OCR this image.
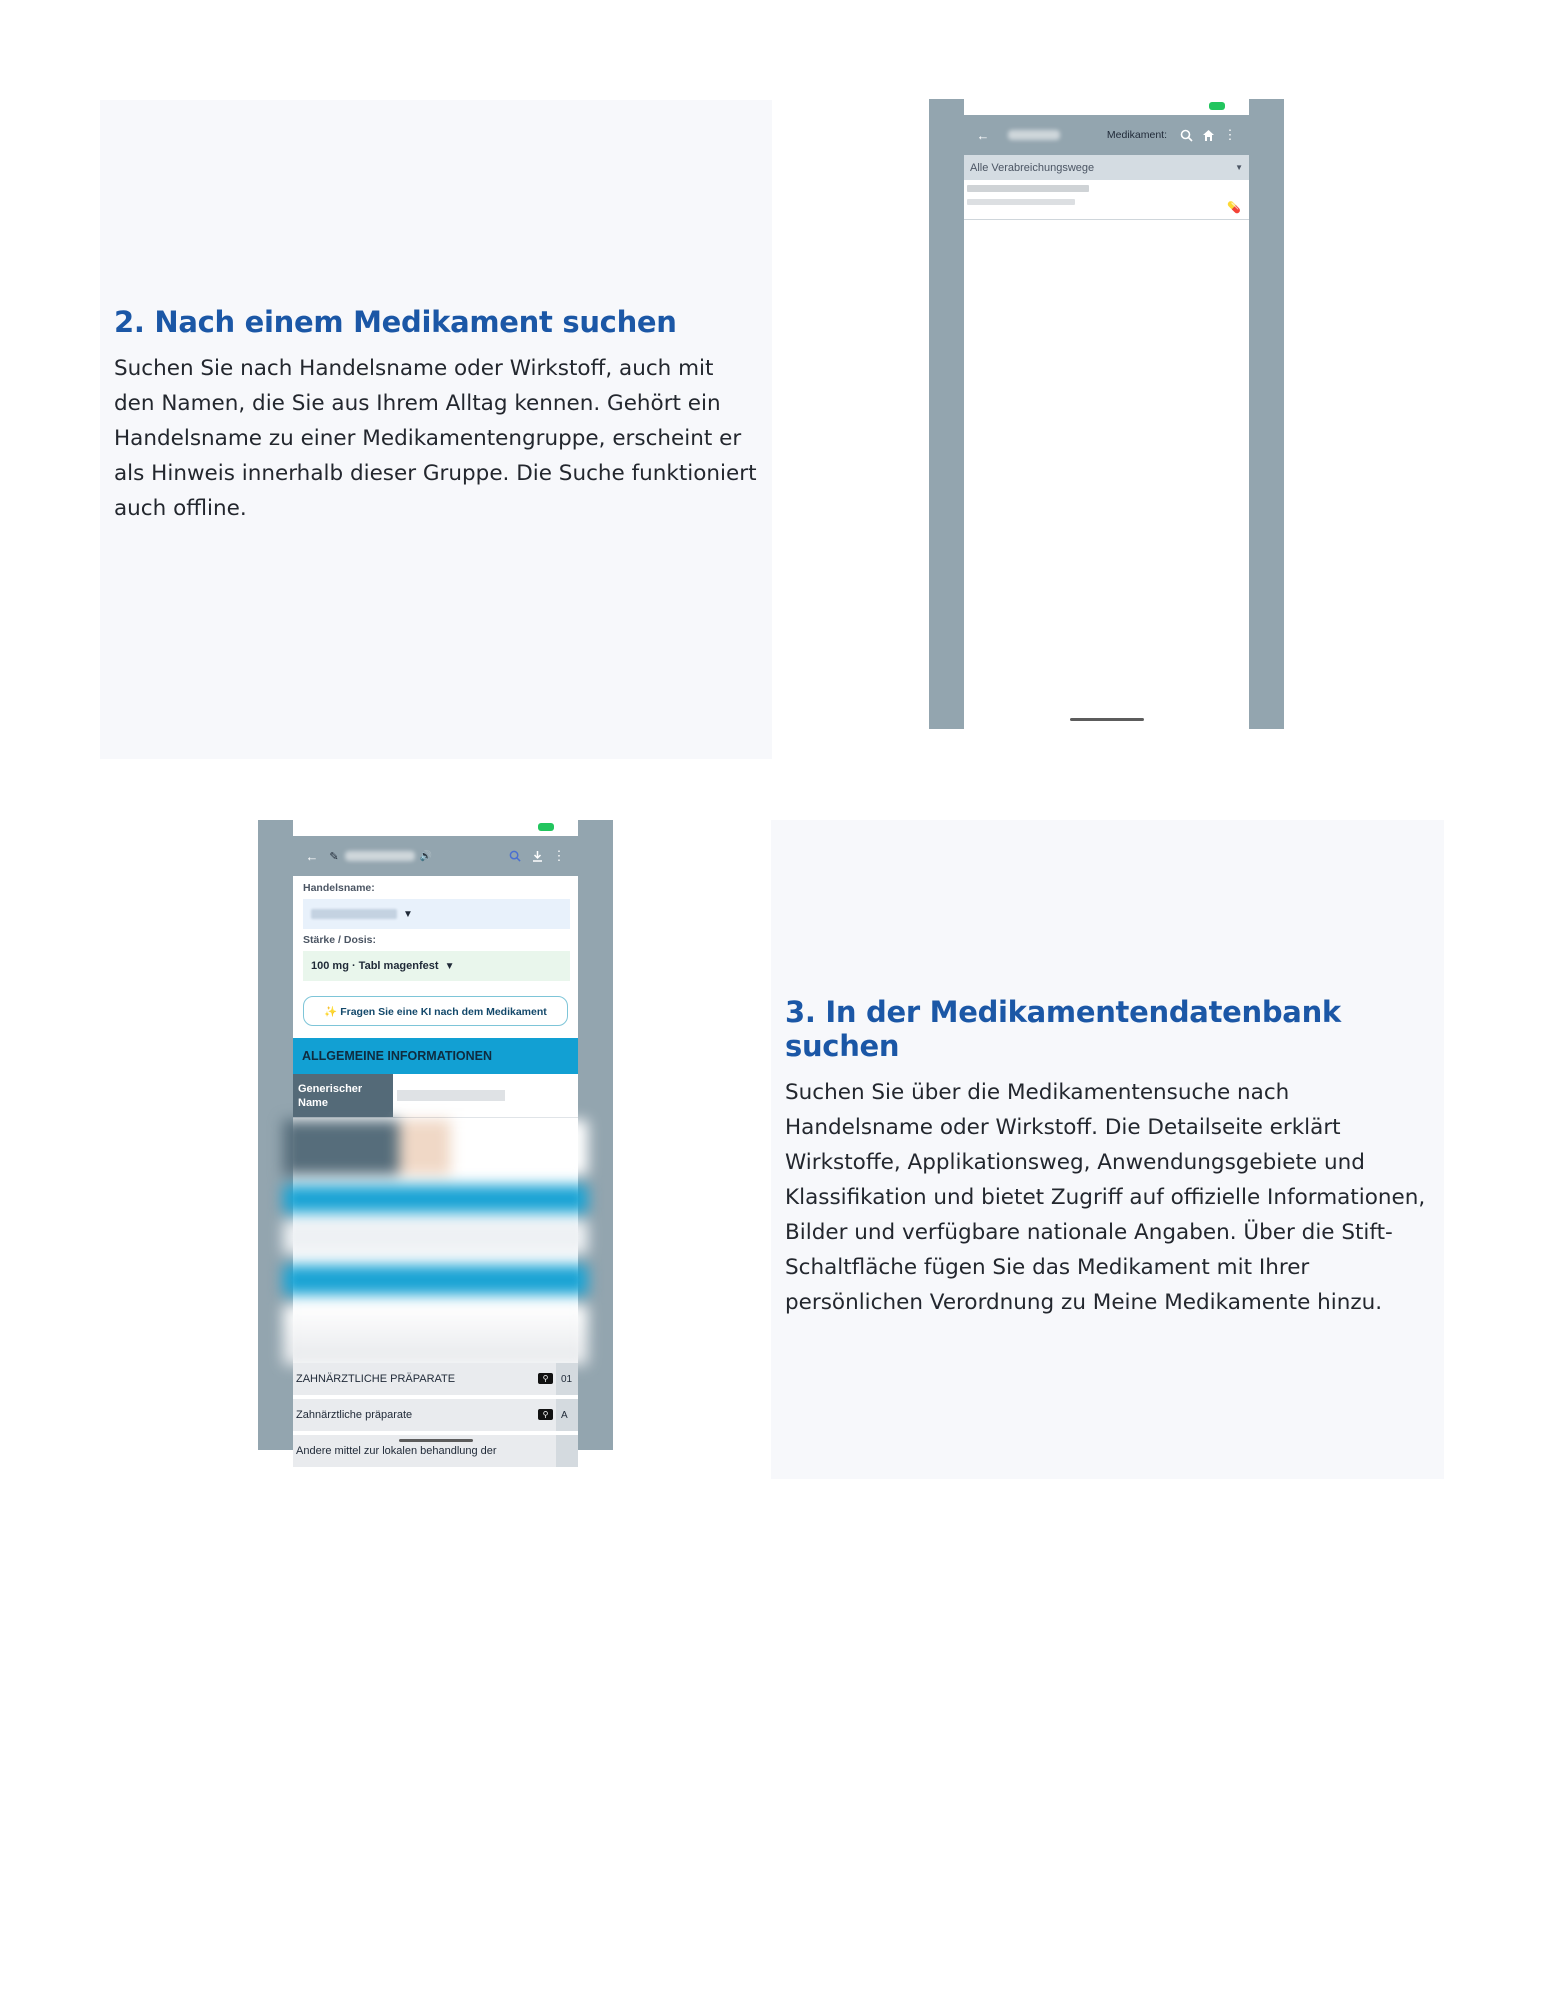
2. Nach einem Medikament suchen

Suchen Sie nach Handelsname oder Wirkstoff, auch mit den Namen, die Sie aus Ihrem Alltag kennen. Gehört ein Handelsname zu einer Medikamentengruppe, erscheint er als Hinweis innerhalb dieser Gruppe. Die Suche funktioniert auch offline.

←	Medikament:	⋮
Alle Verabreichungswege	▼
💊
← ✎	🔊	⋮
Handelsname:
▼
Stärke / Dosis:
100 mg · Tabl magenfest ▼
✨ Fragen Sie eine KI nach dem Medikament
ALLGEMEINE INFORMATIONEN
Generischer Name
ZAHNÄRZTLICHE PRÄPARATE	⚲	01
Zahnärztliche präparate	⚲	A
Andere mittel zur lokalen behandlung der
3. In der Medikamentendatenbank suchen

Suchen Sie über die Medikamentensuche nach Handelsname oder Wirkstoff. Die Detailseite erklärt Wirkstoffe, Applikationsweg, Anwendungsgebiete und Klassifikation und bietet Zugriff auf offizielle Informationen, Bilder und verfügbare nationale Angaben. Über die Stift-Schaltfläche fügen Sie das Medikament mit Ihrer persönlichen Verordnung zu Meine Medikamente hinzu.
